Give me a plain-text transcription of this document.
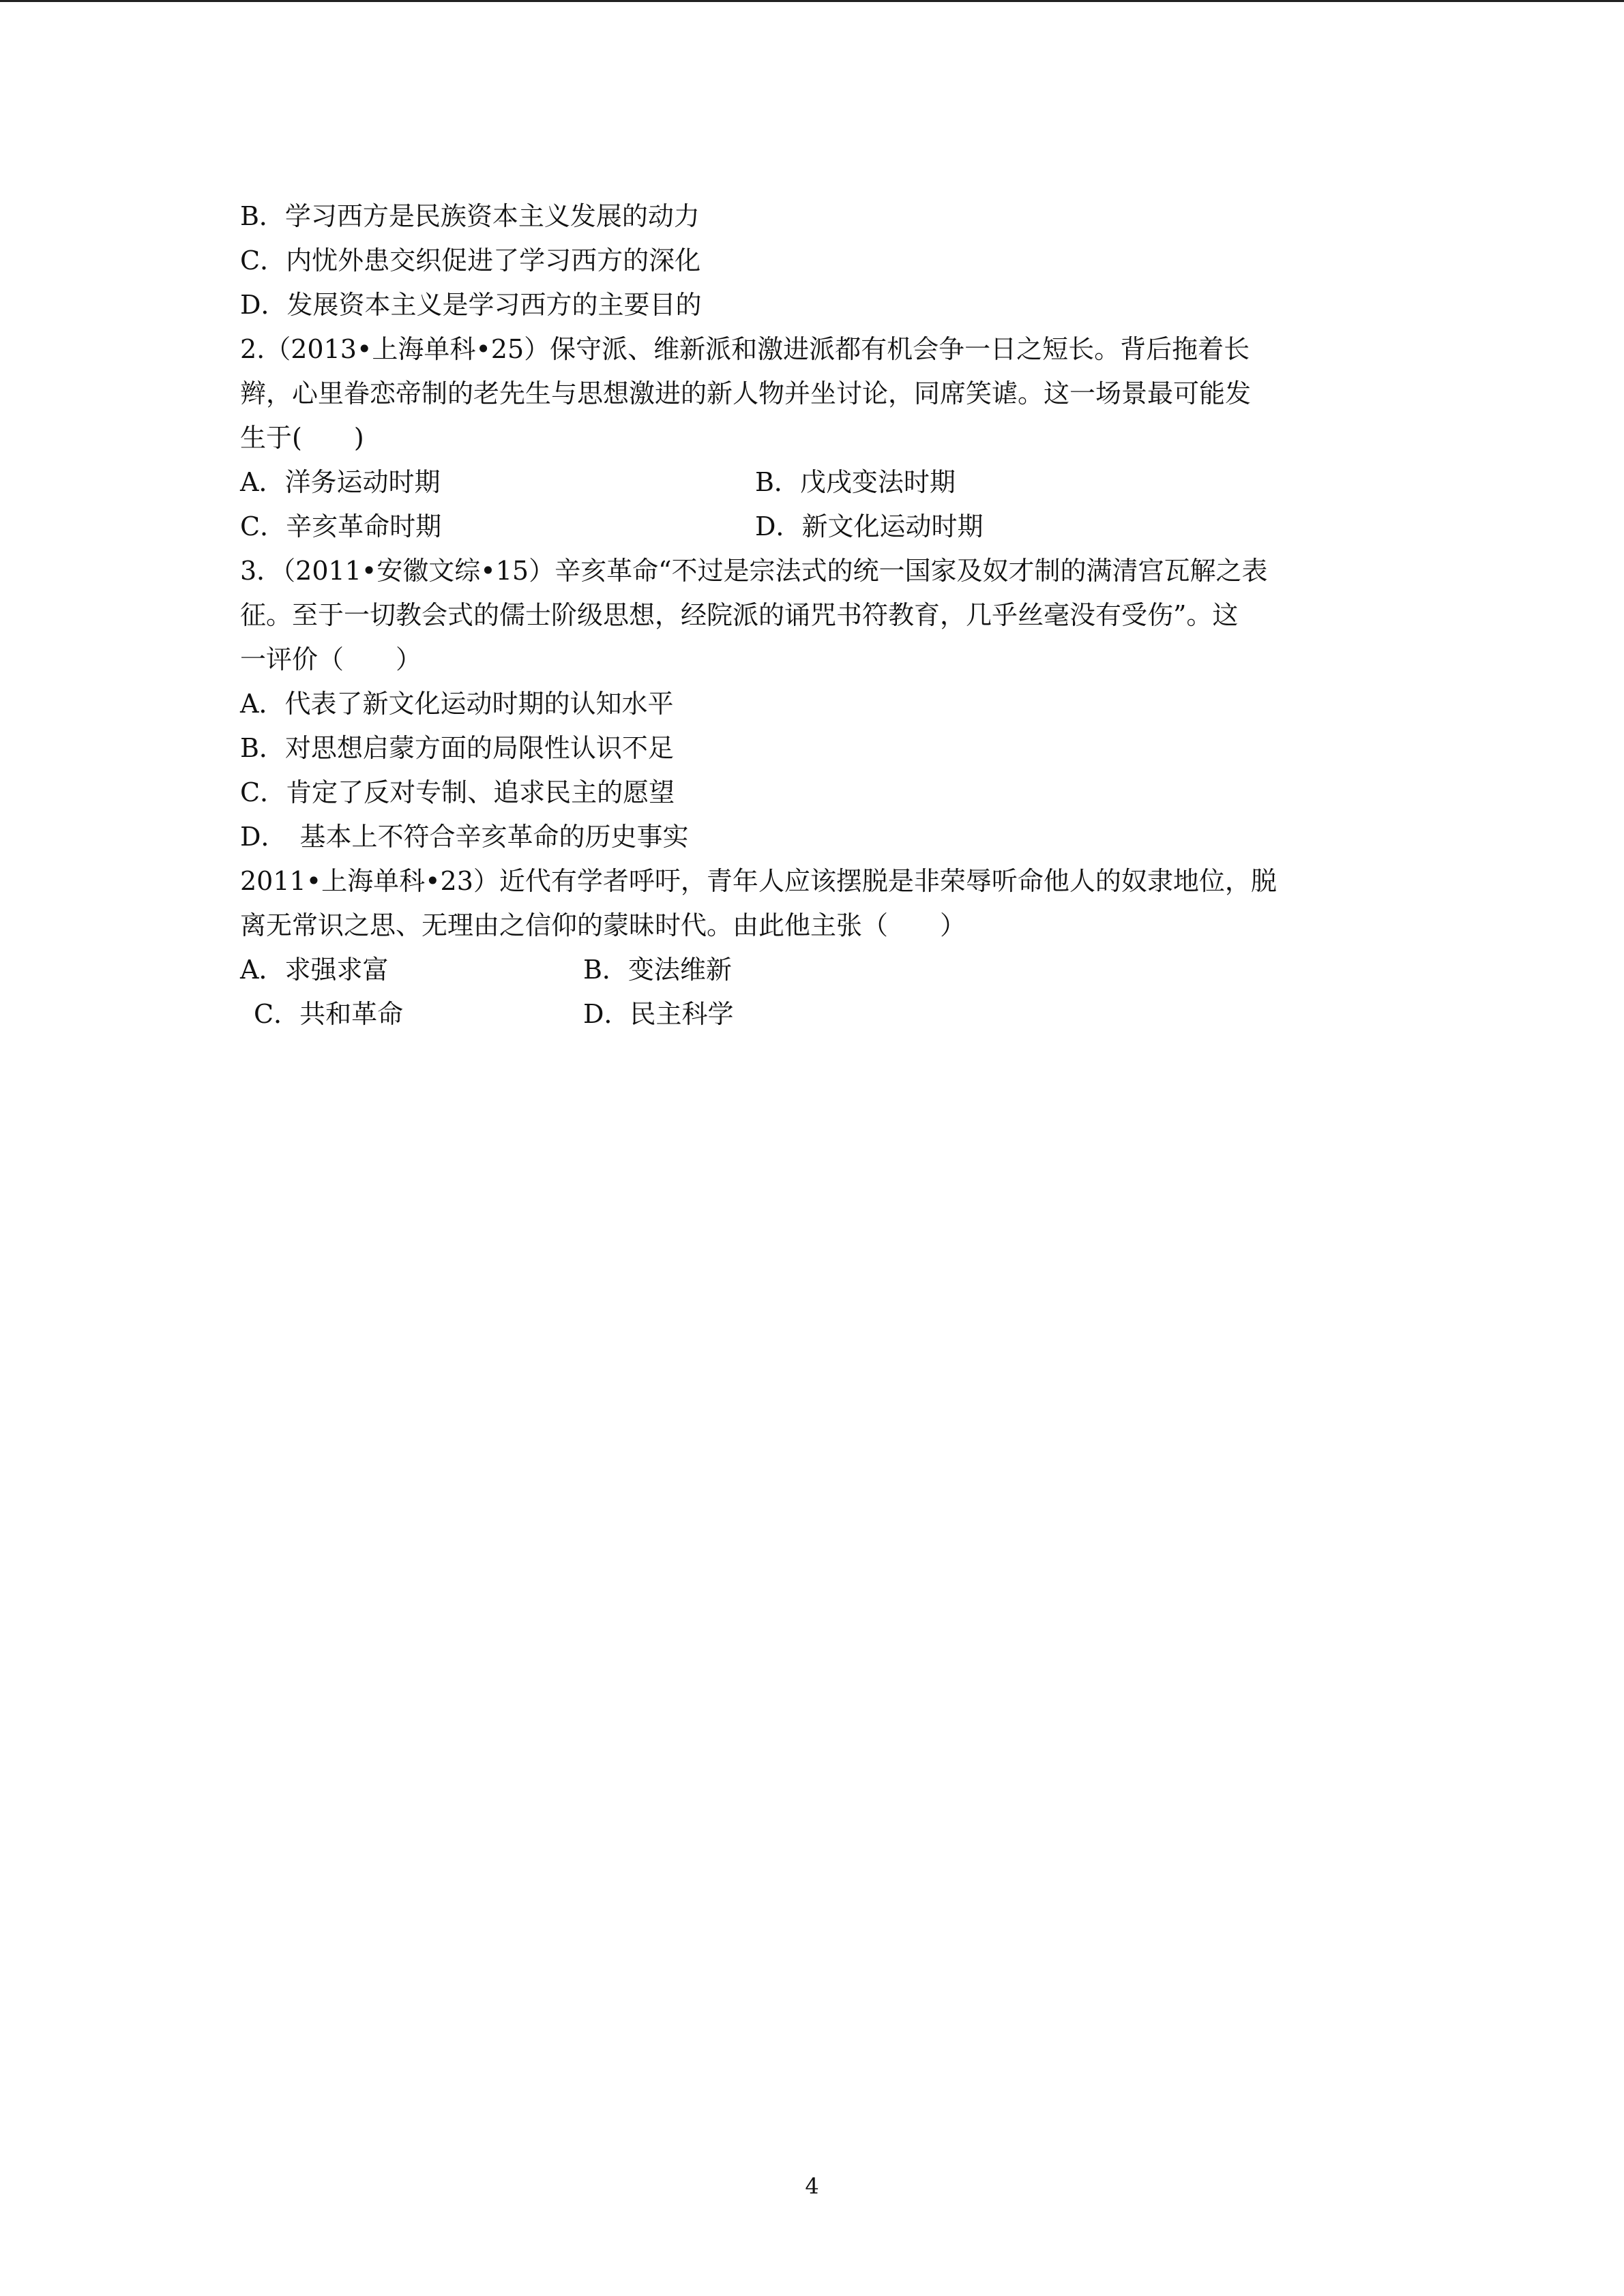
B．学习西方是民族资本主义发展的动力
C．内忧外患交织促进了学习西方的深化
D．发展资本主义是学习西方的主要目的
2.（2013•上海单科•25）保守派、维新派和激进派都有机会争一日之短长。背后拖着长
辫，心里眷恋帝制的老先生与思想激进的新人物并坐讨论，同席笑谑。这一场景最可能发
生于(　　)
A．洋务运动时期	B．戊戌变法时期
C．辛亥革命时期	D．新文化运动时期
3．（2011•安徽文综•15）辛亥革命“不过是宗法式的统一国家及奴才制的满清宫瓦解之表
征。至于一切教会式的儒士阶级思想，经院派的诵咒书符教育，几乎丝毫没有受伤”。这
一评价（　　）
A．代表了新文化运动时期的认知水平
B．对思想启蒙方面的局限性认识不足
C．肯定了反对专制、追求民主的愿望
D．　基本上不符合辛亥革命的历史事实
2011•上海单科•23）近代有学者呼吁，青年人应该摆脱是非荣辱听命他人的奴隶地位，脱
离无常识之思、无理由之信仰的蒙昧时代。由此他主张（　　）
A．求强求富	B．变法维新
C．共和革命	D．民主科学
4
